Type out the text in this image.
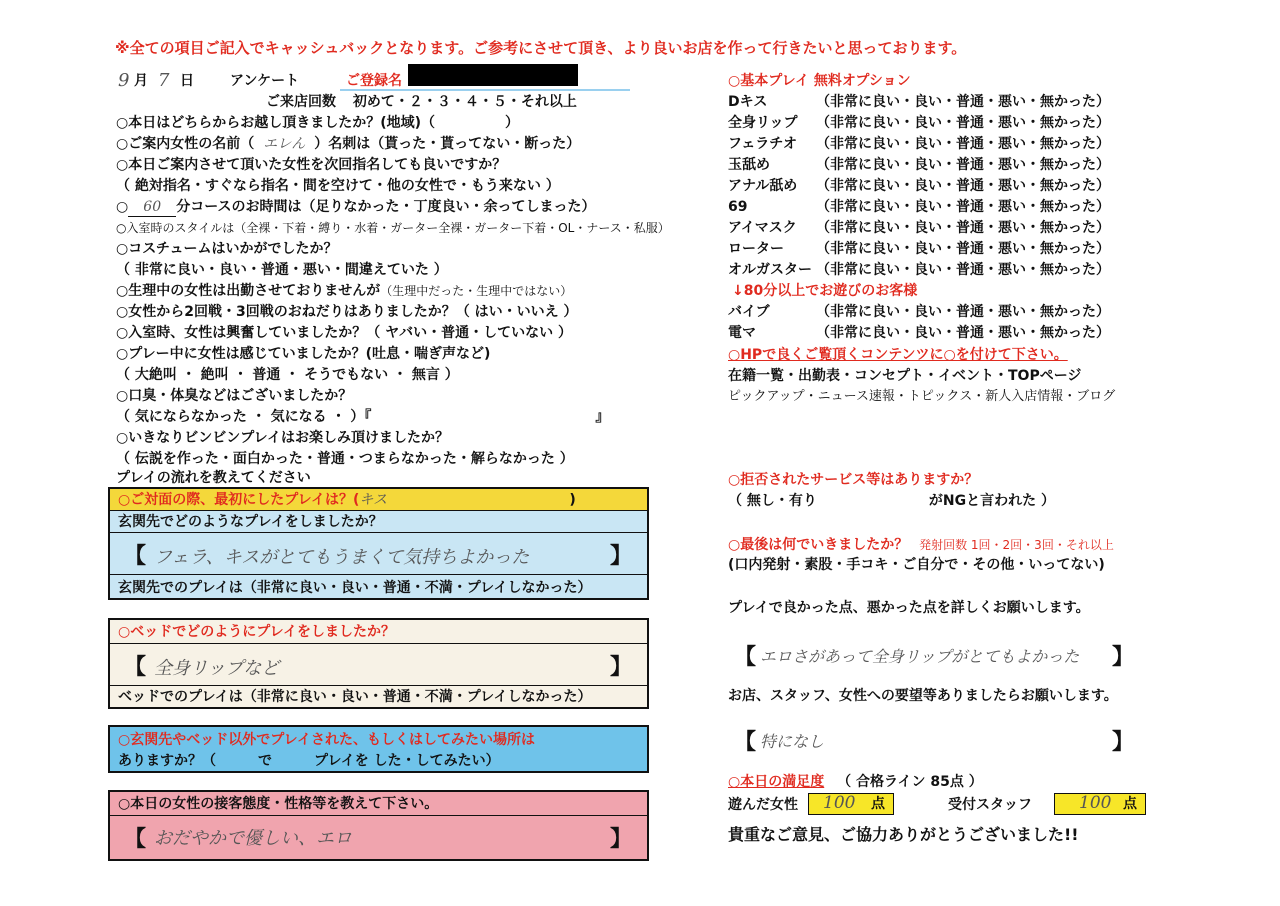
※全ての項目ご記入でキャッシュバックとなります。ご参考にさせて頂き、より良いお店を作って行きたいと思っております。
9 月 7 日	アンケート	ご登録名
ご来店回数 初めて・２・３・４・５・それ以上
○本日はどちらからお越し頂きましたか？(地域)（　　　　　）
○ご案内女性の名前（ エレん ）名刺は（貰った・貰ってない・断った）
○本日ご案内させて頂いた女性を次回指名しても良いですか？
（ 絶対指名・すぐなら指名・間を空けて・他の女性で・もう来ない ）
○ 60 分コースのお時間は（足りなかった・丁度良い・余ってしまった）
○入室時のスタイルは（全裸・下着・縛り・水着・ガーター全裸・ガーター下着・OL・ナース・私服）
○コスチュームはいかがでしたか？
（ 非常に良い・良い・普通・悪い・間違えていた ）
○生理中の女性は出勤させておりませんが（生理中だった・生理中ではない）
○女性から2回戦・3回戦のおねだりはありましたか？（ はい・いいえ ）
○入室時、女性は興奮していましたか？（ ヤバい・普通・していない ）
○プレー中に女性は感じていましたか？(吐息・喘ぎ声など)
（ 大絶叫 ・ 絶叫 ・ 普通 ・ そうでもない ・ 無言 ）
○口臭・体臭などはございましたか？
（ 気にならなかった ・ 気になる ・ ）『　　　　　　　　　　　　　　　　』
○いきなりビンビンプレイはお楽しみ頂けましたか？
（ 伝説を作った・面白かった・普通・つまらなかった・解らなかった ）
プレイの流れを教えてください
○ご対面の際、最初にしたプレイは？(キス	)
玄関先でどのようなプレイをしましたか？
【 フェラ、キスがとてもうまくて気持ちよかった	】
玄関先でのプレイは（非常に良い・良い・普通・不満・プレイしなかった）
○ベッドでどのようにプレイをしましたか？
【 全身リップなど	】
ベッドでのプレイは（非常に良い・良い・普通・不満・プレイしなかった）
○玄関先やベッド以外でプレイされた、もしくはしてみたい場所は
ありますか？（　　　で　　　プレイを した・してみたい）
○本日の女性の接客態度・性格等を教えて下さい。
【 おだやかで優しい、エロ	】
○基本プレイ 無料オプション
Dキス	（非常に良い・良い・普通・悪い・無かった）
全身リップ （非常に良い・良い・普通・悪い・無かった）
フェラチオ （非常に良い・良い・普通・悪い・無かった）
玉舐め	（非常に良い・良い・普通・悪い・無かった）
アナル舐め （非常に良い・良い・普通・悪い・無かった）
69	（非常に良い・良い・普通・悪い・無かった）
アイマスク （非常に良い・良い・普通・悪い・無かった）
ローター （非常に良い・良い・普通・悪い・無かった）
オルガスター （非常に良い・良い・普通・悪い・無かった）
↓80分以上でお遊びのお客様
バイブ	（非常に良い・良い・普通・悪い・無かった）
電マ	（非常に良い・良い・普通・悪い・無かった）
○HPで良くご覧頂くコンテンツに○を付けて下さい。
在籍一覧・出勤表・コンセプト・イベント・TOPページ
ピックアップ・ニュース速報・トピックス・新人入店情報・ブログ
○拒否されたサービス等はありますか？
（ 無し・有り　　　　　　　　がNGと言われた ）
○最後は何でいきましたか？ 発射回数 1回・2回・3回・それ以上
(口内発射・素股・手コキ・ご自分で・その他・いってない)
プレイで良かった点、悪かった点を詳しくお願いします。
【 エロさがあって全身リップがとてもよかった 】
お店、スタッフ、女性への要望等ありましたらお願いします。
【 特になし	】
○本日の満足度 （ 合格ライン 85点 ）
遊んだ女性 100 点	受付スタッフ	100 点
貴重なご意見、ご協力ありがとうございました!!
